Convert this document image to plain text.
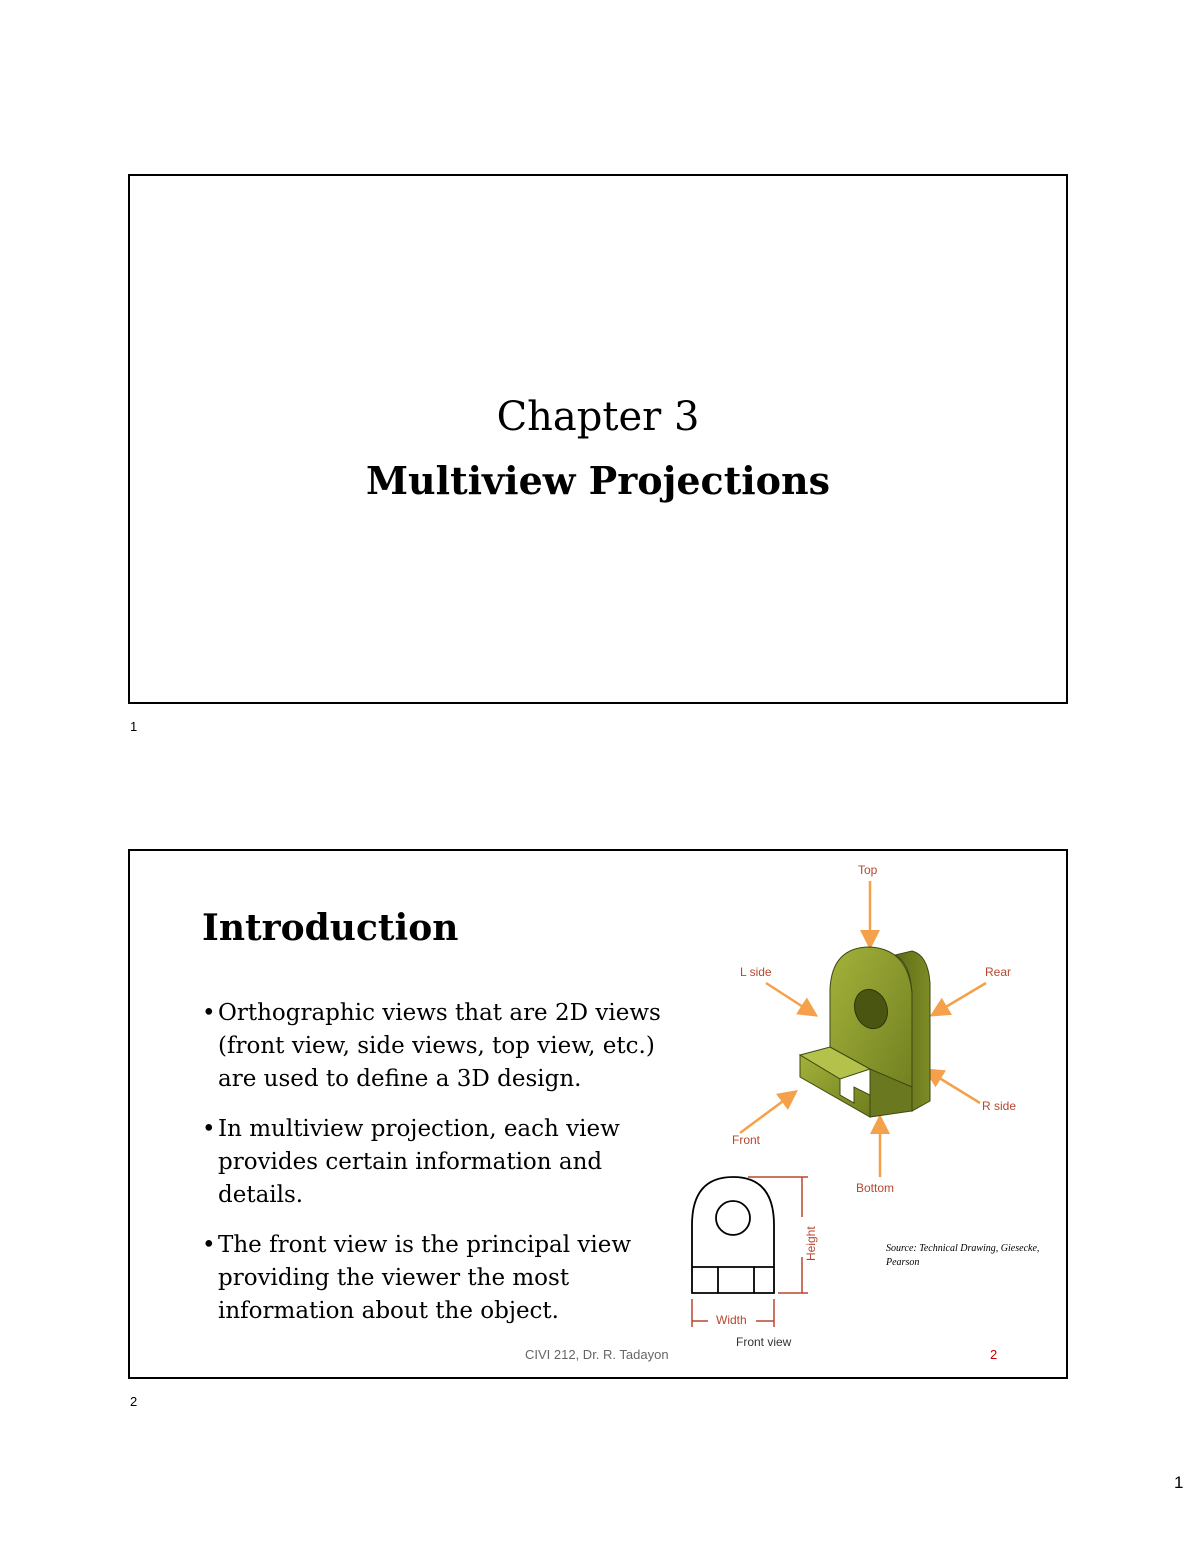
Chapter 3
Multiview Projections
1
Introduction
• Orthographic views that are 2D views (front view, side views, top view, etc.) are used to define a 3D design.
• In multiview projection, each view provides certain information and details.
• The front view is the principal view providing the viewer the most information about the object.
Top
L side	Rear
R side
Front
Bottom
Height
Width
Front view
Source: Technical Drawing, Giesecke, Pearson
CIVI 212, Dr. R. Tadayon	2
2
1
